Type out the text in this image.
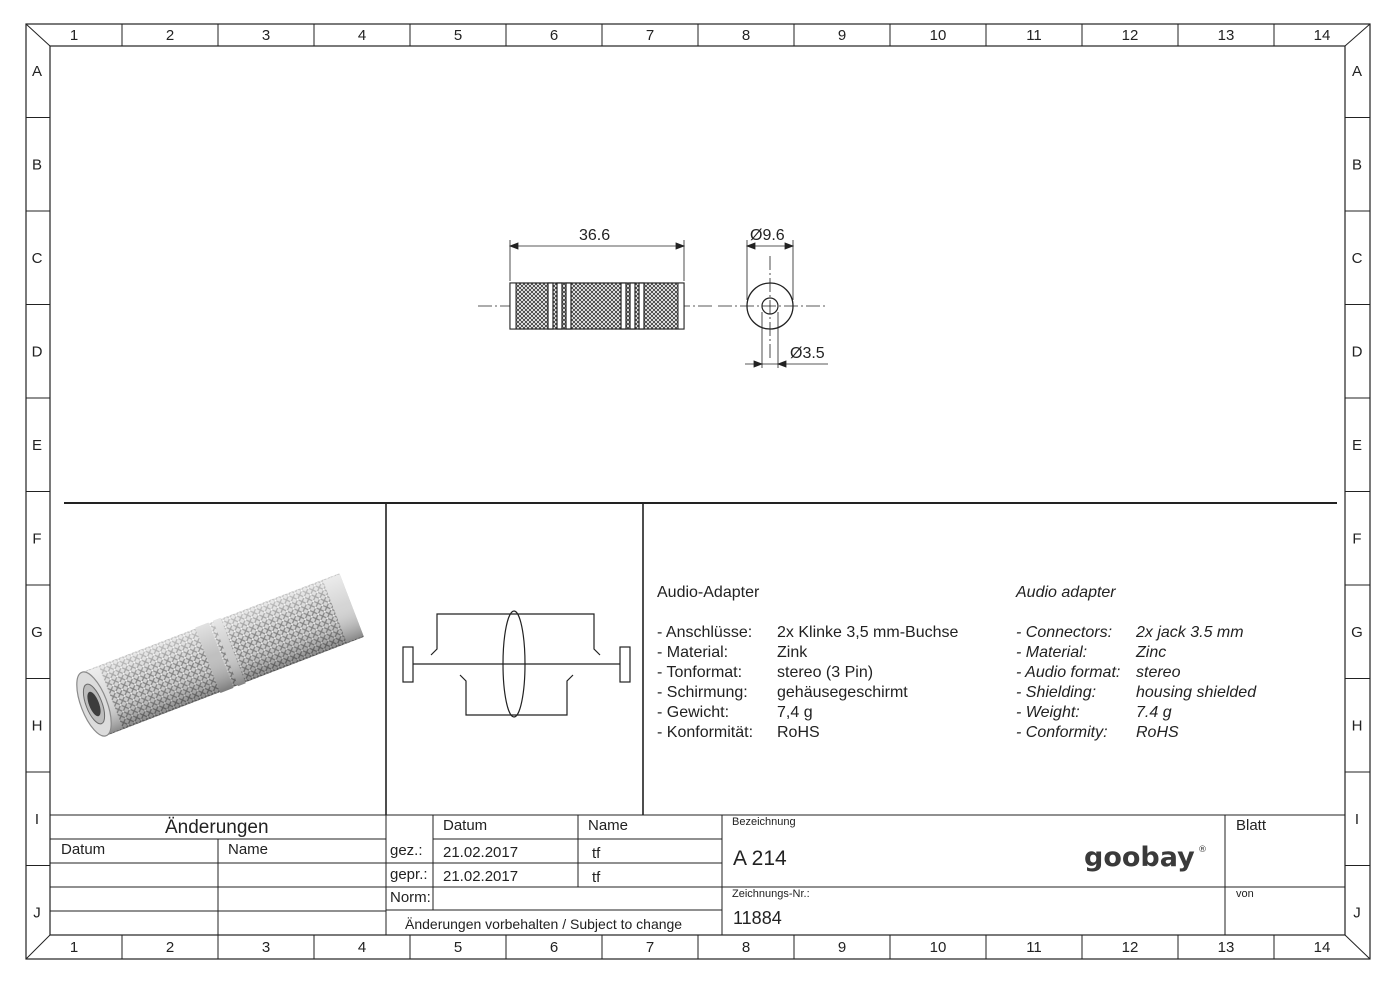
1
1
2
2
3
3
4
4
5
5
6
6
7
7
8
8
9
9
10
10
11
11
12
12
13
13
14
14
A	A
B	B
C	C
D	D
E	E
F	F
G	G
H	H
I	I
J	J
goobay ®
36.6	Ø9.6
Ø3.5
Audio-Adapter
- Anschlüsse: 2x Klinke 3,5 mm-Buchse
- Material:	Zink
- Tonformat: stereo (3 Pin)
- Schirmung: gehäusegeschirmt
- Gewicht:	7,4 g
- Konformität: RoHS
Audio adapter
- Connectors: 2x jack 3.5 mm
- Material:	Zinc
- Audio format: stereo
- Shielding: housing shielded
- Weight:	7.4 g
- Conformity: RoHS
Änderungen
Datum	Name
Datum	Name
gez.: 21.02.2017	tf
gepr.: 21.02.2017	tf
Norm:
Änderungen vorbehalten / Subject to change
Bezeichnung
A 214
Zeichnungs-Nr.:
11884
Blatt
von
